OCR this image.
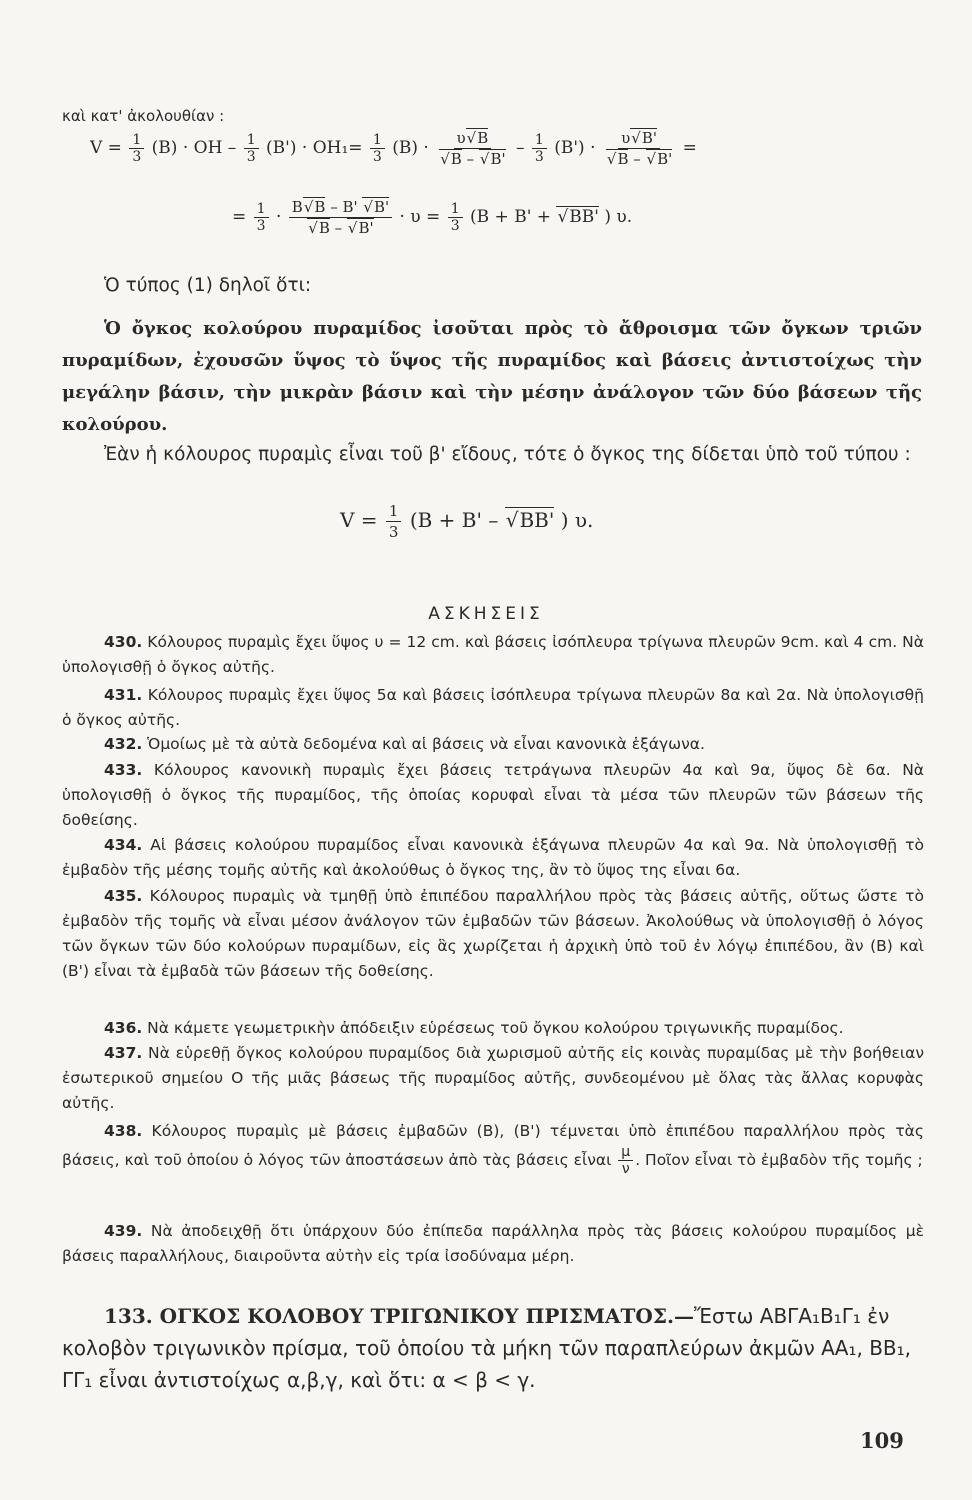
καὶ κατ' ἀκολουθίαν :
$V = \frac{1}{3} (B) \cdot OH - \frac{1}{3} (B') \cdot OH_1= \frac{1}{3} (B) \cdot \upsilon√$ Β
√ Β – √ $B' - \frac{1}{3} (B') \cdot \upsilon√$ Β'
√ Β – √ Β' =
= $\frac{1}{3} \cdot B√$ Β – Β' √ Β'
√ Β – √ $B' \cdot \upsilon = \frac{1}{3} (B + B'$ + √ ΒΒ' ) υ.
Ὁ τύπος (1) δηλοῖ ὅτι:
Ὁ ὄγκος κολούρου πυραμίδος ἰσοῦται πρὸς τὸ ἄθροισμα τῶν ὄγκων τριῶν πυραμίδων, ἐχουσῶν ὕψος τὸ ὕψος τῆς πυραμίδος καὶ βάσεις ἀντιστοίχως τὴν μεγάλην βάσιν, τὴν μικρὰν βάσιν καὶ τὴν μέσην ἀνάλογον τῶν δύο βάσεων τῆς κολούρου.
Ἐὰν ἡ κόλουρος πυραμὶς εἶναι τοῦ β' εἴδους, τότε ὁ ὄγκος της δίδεται ὑπὸ τοῦ τύπου :
$V = \frac{1}{3} (B + B'$ – √ BB' ) υ.
ΑΣΚΗΣΕΙΣ
430. Κόλουρος πυραμὶς ἔχει ὕψος υ = 12 cm. καὶ βάσεις ἰσόπλευρα τρίγωνα πλευρῶν 9cm. καὶ 4 cm. Νὰ ὑπολογισθῇ ὁ ὄγκος αὐτῆς.
431. Κόλουρος πυραμὶς ἔχει ὕψος 5α καὶ βάσεις ἰσόπλευρα τρίγωνα πλευρῶν 8α καὶ 2α. Νὰ ὑπολογισθῇ ὁ ὄγκος αὐτῆς.
432. Ὁμοίως μὲ τὰ αὐτὰ δεδομένα καὶ αἱ βάσεις νὰ εἶναι κανονικὰ ἑξάγωνα.
433. Κόλουρος κανονικὴ πυραμὶς ἔχει βάσεις τετράγωνα πλευρῶν 4α καὶ 9α, ὕψος δὲ 6α. Νὰ ὑπολογισθῇ ὁ ὄγκος τῆς πυραμίδος, τῆς ὁποίας κορυφαὶ εἶναι τὰ μέσα τῶν πλευρῶν τῶν βάσεων τῆς δοθείσης.
434. Αἱ βάσεις κολούρου πυραμίδος εἶναι κανονικὰ ἑξάγωνα πλευρῶν 4α καὶ 9α. Νὰ ὑπολογισθῇ τὸ ἐμβαδὸν τῆς μέσης τομῆς αὐτῆς καὶ ἀκολούθως ὁ ὄγκος της, ἂν τὸ ὕψος της εἶναι 6α.
435. Κόλουρος πυραμὶς νὰ τμηθῇ ὑπὸ ἐπιπέδου παραλλήλου πρὸς τὰς βάσεις αὐτῆς, οὕτως ὥστε τὸ ἐμβαδὸν τῆς τομῆς νὰ εἶναι μέσον ἀνάλογον τῶν ἐμβαδῶν τῶν βάσεων. Ἀκολούθως νὰ ὑπολογισθῇ ὁ λόγος τῶν ὄγκων τῶν δύο κολούρων πυραμίδων, εἰς ἃς χωρίζεται ἡ ἀρχικὴ ὑπὸ τοῦ ἐν λόγῳ ἐπιπέδου, ἂν (Β) καὶ (Β') εἶναι τὰ ἐμβαδὰ τῶν βάσεων τῆς δοθείσης.
436. Νὰ κάμετε γεωμετρικὴν ἀπόδειξιν εὑρέσεως τοῦ ὄγκου κολούρου τριγωνικῆς πυραμίδος.
437. Νὰ εὑρεθῇ ὄγκος κολούρου πυραμίδος διὰ χωρισμοῦ αὐτῆς εἰς κοινὰς πυραμίδας μὲ τὴν βοήθειαν ἐσωτερικοῦ σημείου Ο τῆς μιᾶς βάσεως τῆς πυραμίδος αὐτῆς, συνδεομένου μὲ ὅλας τὰς ἄλλας κορυφὰς αὐτῆς.
438. Κόλουρος πυραμὶς μὲ βάσεις ἐμβαδῶν (Β), (Β') τέμνεται ὑπὸ ἐπιπέδου παραλλήλου πρὸς τὰς βάσεις, καὶ τοῦ ὁποίου ὁ λόγος τῶν ἀποστάσεων ἀπὸ τὰς βάσεις εἶναι $\frac{\mu}{\nu}$ . Ποῖον εἶναι τὸ ἐμβαδὸν τῆς τομῆς ;
439. Νὰ ἀποδειχθῇ ὅτι ὑπάρχουν δύο ἐπίπεδα παράλληλα πρὸς τὰς βάσεις κολούρου πυραμίδος μὲ βάσεις παραλλήλους, διαιροῦντα αὐτὴν εἰς τρία ἰσοδύναμα μέρη.
133. ΟΓΚΟΣ ΚΟΛΟΒΟΥ ΤΡΙΓΩΝΙΚΟΥ ΠΡΙΣΜΑΤΟΣ.—Ἔστω ΑΒΓΑ₁Β₁Γ₁ ἐν κολοβὸν τριγωνικὸν πρίσμα, τοῦ ὁποίου τὰ μήκη τῶν παραπλεύρων ἀκμῶν ΑΑ₁, ΒΒ₁, ΓΓ₁ εἶναι ἀντιστοίχως α,β,γ, καὶ ὅτι: α < β < γ.
109
